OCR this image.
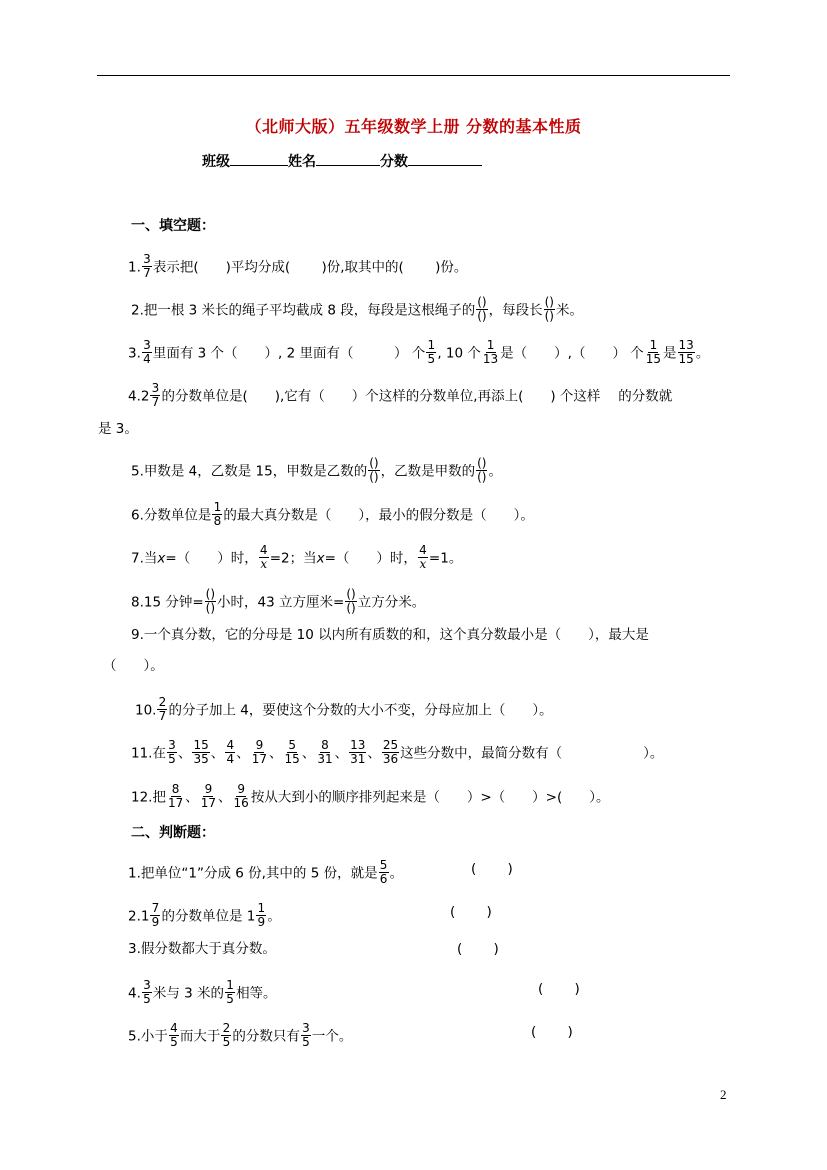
（北师大版）五年级数学上册 分数的基本性质
班级	姓名	分数
一、填空题：
1. $\frac{3}{7}$ 表示把(　　)平均分成(　　 )份,取其中的(　　 )份。
2.把一根 3 米长的绳子平均截成 8 段，每段是这根绳子的 $\frac{()}{()}$ ，每段长 $\frac{()}{()}$ 米。
3. $\frac{3}{4}$ 里面有 3 个（　　）, 2 里面有（　　　） 个 $\frac{1}{5}$ , 10 个 $\frac{1}{13}$ 是（　　）,（　　） 个 $\frac{1}{15}$ 是 $\frac{13}{15}$ 。
$4.2 \frac{3}{7}$ 的分数单位是(　　),它有（　　）个这样的分数单位,再添上(　　) 个这样　 的分数就
是 3。
5.甲数是 4，乙数是 15，甲数是乙数的 $\frac{()}{()}$ ，乙数是甲数的 $\frac{()}{()}$ 。
6.分数单位是 $\frac{1}{8}$ 的最大真分数是（　　），最小的假分数是（　　）。
7.当x=（　　）时， $\frac{4}{x} =2$；当x=（　　）时， $\frac{4}{x} =1$。
8.15 分钟= $\frac{()}{()}$ 小时，43 立方厘米= $\frac{()}{()}$ 立方分米。
9.一个真分数，它的分母是 10 以内所有质数的和，这个真分数最小是（　　），最大是
（　　）。
10. $\frac{2}{7}$ 的分子加上 4，要使这个分数的大小不变，分母应加上（　　）。
11.在 $\frac{3}{5}$ 、 $\frac{15}{35}$ 、 $\frac{4}{4}$ 、 $\frac{9}{17}$ 、 $\frac{5}{15}$ 、 $\frac{8}{31}$ 、 $\frac{13}{31}$ 、 $\frac{25}{36}$ 这些分数中，最简分数有（　　　　　　）。
12.把 $\frac{8}{17}$ 、 $\frac{9}{17}$ 、 $\frac{9}{16}$ 按从大到小的顺序排列起来是（　　）>（　　）>(　　）。
二、判断题：
1.把单位“1”分成 6 份,其中的 5 份，就是 $\frac{5}{6}$ 。	(　　 )
$2.1 \frac{7}{9}$ 的分数单位是 $1 \frac{1}{9}$ 。	(　　 )
3.假分数都大于真分数。	(　　 )
4. $\frac{3}{5}$ 米与 3 米的 $\frac{1}{5}$ 相等。	(　　 )
5.小于 $\frac{4}{5}$ 而大于 $\frac{2}{5}$ 的分数只有 $\frac{3}{5}$ 一个。	(　　 )
2
